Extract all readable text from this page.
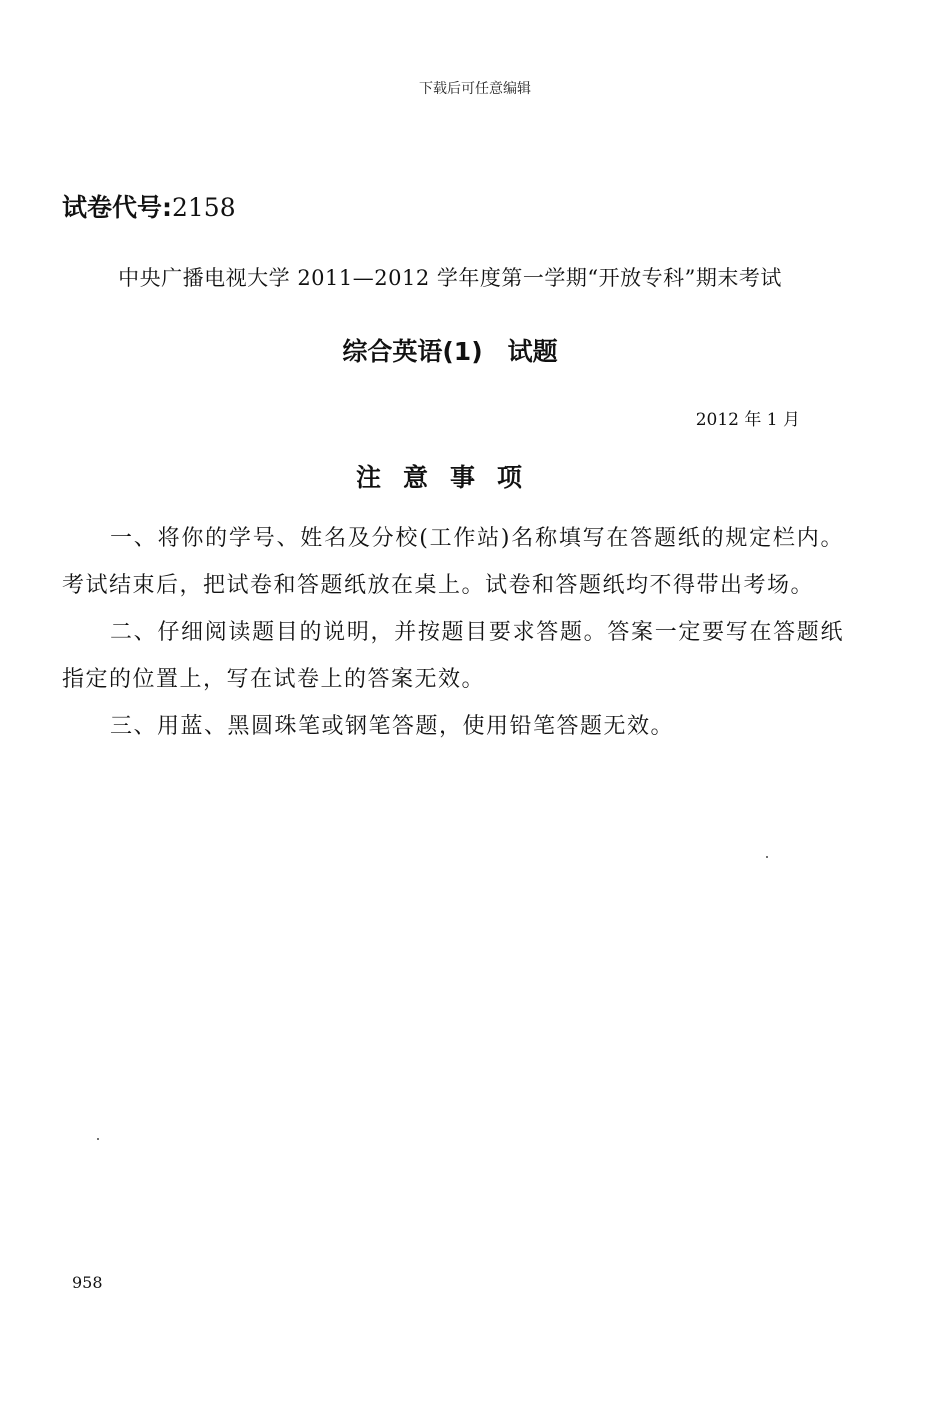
下载后可任意编辑
试卷代号:2158
中央广播电视大学 2011—2012 学年度第一学期“开放专科”期末考试
综合英语(1)　试题
2012 年 1 月
注意事项

一、将你的学号、姓名及分校(工作站)名称填写在答题纸的规定栏内。考试结束后，把试卷和答题纸放在桌上。试卷和答题纸均不得带出考场。

二、仔细阅读题目的说明，并按题目要求答题。答案一定要写在答题纸指定的位置上，写在试卷上的答案无效。

三、用蓝、黑圆珠笔或钢笔答题，使用铅笔答题无效。

958
